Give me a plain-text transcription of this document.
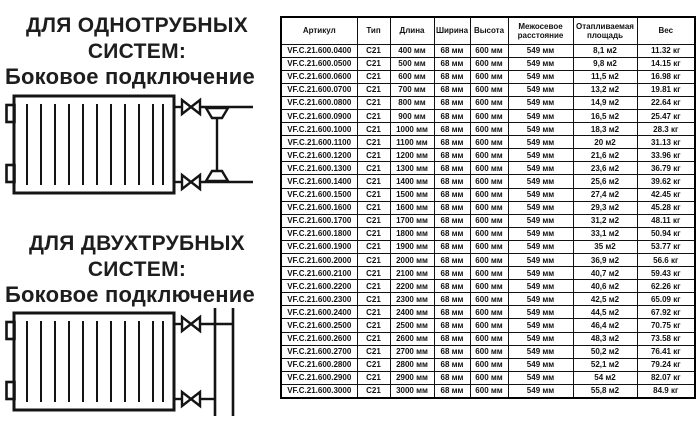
ДЛЯ ОДНОТРУБНЫХ
СИСТЕМ:
Боковое подключение
ДЛЯ ДВУХТРУБНЫХ
СИСТЕМ:
Боковое подключение
Артикул	Тип	Длина	Ширина	Высота	Межосевое расстояние	Отапливаемая площадь	Вес
VF.C.21.600.0400	C21	400 мм	68 мм	600 мм	549 мм	8,1 м2	11.32 кг
VF.C.21.600.0500	C21	500 мм	68 мм	600 мм	549 мм	9,8 м2	14.15 кг
VF.C.21.600.0600	C21	600 мм	68 мм	600 мм	549 мм	11,5 м2	16.98 кг
VF.C.21.600.0700	C21	700 мм	68 мм	600 мм	549 мм	13,2 м2	19.81 кг
VF.C.21.600.0800	C21	800 мм	68 мм	600 мм	549 мм	14,9 м2	22.64 кг
VF.C.21.600.0900	C21	900 мм	68 мм	600 мм	549 мм	16,5 м2	25.47 кг
VF.C.21.600.1000	C21	1000 мм	68 мм	600 мм	549 мм	18,3 м2	28.3 кг
VF.C.21.600.1100	C21	1100 мм	68 мм	600 мм	549 мм	20 м2	31.13 кг
VF.C.21.600.1200	C21	1200 мм	68 мм	600 мм	549 мм	21,6 м2	33.96 кг
VF.C.21.600.1300	C21	1300 мм	68 мм	600 мм	549 мм	23,6 м2	36.79 кг
VF.C.21.600.1400	C21	1400 мм	68 мм	600 мм	549 мм	25,6 м2	39.62 кг
VF.C.21.600.1500	C21	1500 мм	68 мм	600 мм	549 мм	27,4 м2	42.45 кг
VF.C.21.600.1600	C21	1600 мм	68 мм	600 мм	549 мм	29,3 м2	45.28 кг
VF.C.21.600.1700	C21	1700 мм	68 мм	600 мм	549 мм	31,2 м2	48.11 кг
VF.C.21.600.1800	C21	1800 мм	68 мм	600 мм	549 мм	33,1 м2	50.94 кг
VF.C.21.600.1900	C21	1900 мм	68 мм	600 мм	549 мм	35 м2	53.77 кг
VF.C.21.600.2000	C21	2000 мм	68 мм	600 мм	549 мм	36,9 м2	56.6 кг
VF.C.21.600.2100	C21	2100 мм	68 мм	600 мм	549 мм	40,7 м2	59.43 кг
VF.C.21.600.2200	C21	2200 мм	68 мм	600 мм	549 мм	40,6 м2	62.26 кг
VF.C.21.600.2300	C21	2300 мм	68 мм	600 мм	549 мм	42,5 м2	65.09 кг
VF.C.21.600.2400	C21	2400 мм	68 мм	600 мм	549 мм	44,5 м2	67.92 кг
VF.C.21.600.2500	C21	2500 мм	68 мм	600 мм	549 мм	46,4 м2	70.75 кг
VF.C.21.600.2600	C21	2600 мм	68 мм	600 мм	549 мм	48,3 м2	73.58 кг
VF.C.21.600.2700	C21	2700 мм	68 мм	600 мм	549 мм	50,2 м2	76.41 кг
VF.C.21.600.2800	C21	2800 мм	68 мм	600 мм	549 мм	52,1 м2	79.24 кг
VF.C.21.600.2900	C21	2900 мм	68 мм	600 мм	549 мм	54 м2	82.07 кг
VF.C.21.600.3000	C21	3000 мм	68 мм	600 мм	549 мм	55,8 м2	84.9 кг
